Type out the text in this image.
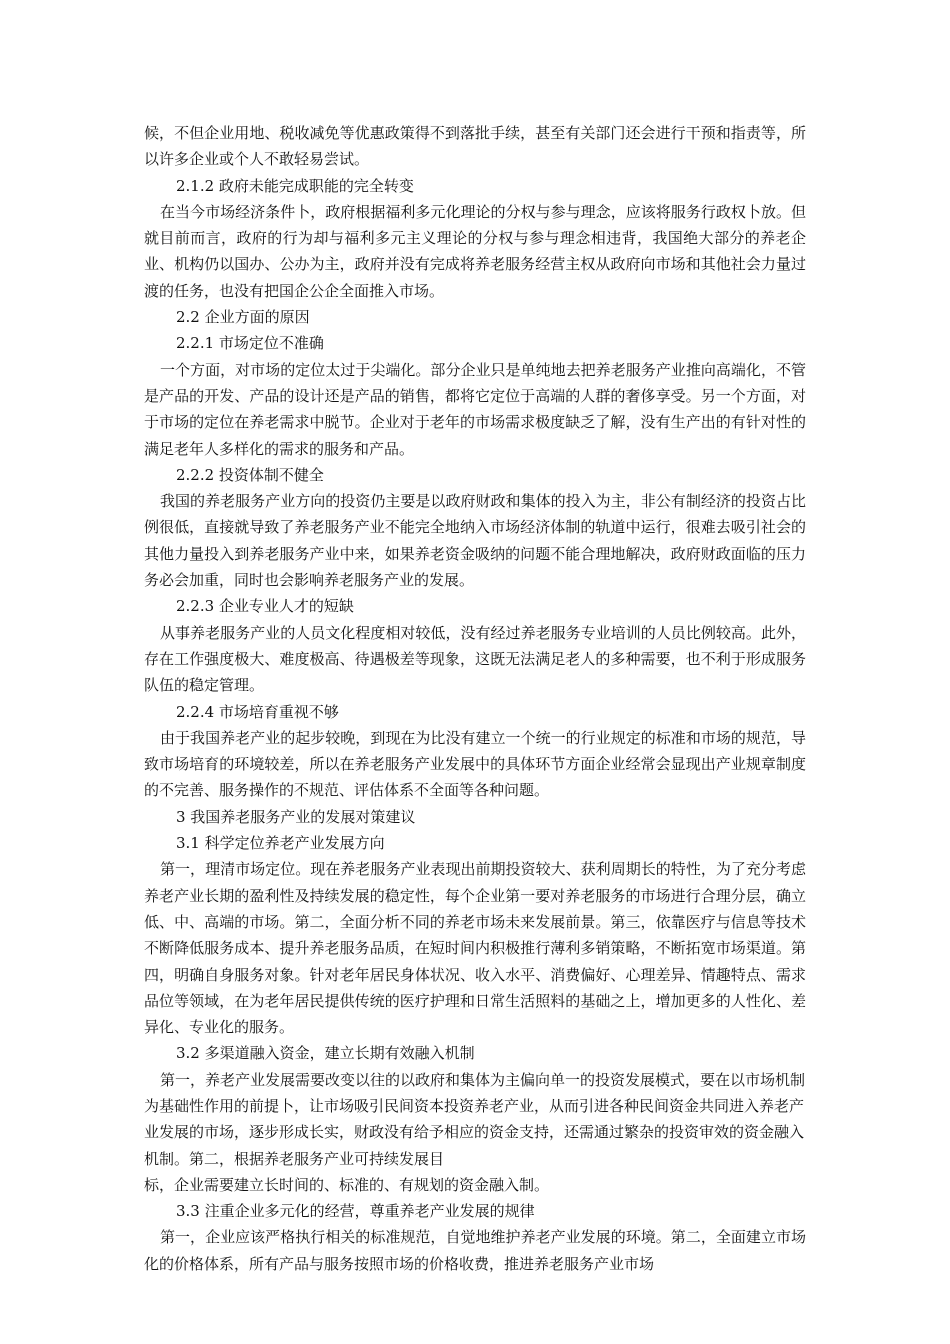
候，不但企业用地、税收减免等优惠政策得不到落批手续，甚至有关部门还会进行干预和指责等，所以许多企业或个人不敢轻易尝试。

2.1.2 政府未能完成职能的完全转变

在当今市场经济条件卜，政府根据福利多元化理论的分权与参与理念，应该将服务行政权卜放。但就目前而言，政府的行为却与福利多元主义理论的分权与参与理念相违背，我国绝大部分的养老企业、机构仍以国办、公办为主，政府并没有完成将养老服务经营主权从政府向市场和其他社会力量过渡的任务，也没有把国企公企全面推入市场。

2.2 企业方面的原因

2.2.1 市场定位不准确

一个方面，对市场的定位太过于尖端化。部分企业只是单纯地去把养老服务产业推向高端化，不管是产品的开发、产品的设计还是产品的销售，都将它定位于高端的人群的奢侈享受。另一个方面，对于市场的定位在养老需求中脱节。企业对于老年的市场需求极度缺乏了解，没有生产出的有针对性的满足老年人多样化的需求的服务和产品。

2.2.2 投资体制不健全

我国的养老服务产业方向的投资仍主要是以政府财政和集体的投入为主，非公有制经济的投资占比例很低，直接就导致了养老服务产业不能完全地纳入市场经济体制的轨道中运行，很难去吸引社会的其他力量投入到养老服务产业中来，如果养老资金吸纳的问题不能合理地解决，政府财政面临的压力务必会加重，同时也会影响养老服务产业的发展。

2.2.3 企业专业人才的短缺

从事养老服务产业的人员文化程度相对较低，没有经过养老服务专业培训的人员比例较高。此外，存在工作强度极大、难度极高、待遇极差等现象，这既无法满足老人的多种需要，也不利于形成服务队伍的稳定管理。

2.2.4 市场培育重视不够

由于我国养老产业的起步较晚，到现在为比没有建立一个统一的行业规定的标准和市场的规范，导致市场培育的环境较差，所以在养老服务产业发展中的具体环节方面企业经常会显现出产业规章制度的不完善、服务操作的不规范、评估体系不全面等各种问题。

3 我国养老服务产业的发展对策建议

3.1 科学定位养老产业发展方向

第一，理清市场定位。现在养老服务产业表现出前期投资较大、获利周期长的特性，为了充分考虑养老产业长期的盈利性及持续发展的稳定性，每个企业第一要对养老服务的市场进行合理分层，确立低、中、高端的市场。第二，全面分析不同的养老市场未来发展前景。第三，依靠医疗与信息等技术不断降低服务成本、提升养老服务品质，在短时间内积极推行薄利多销策略，不断拓宽市场渠道。第四，明确自身服务对象。针对老年居民身体状况、收入水平、消费偏好、心理差异、情趣特点、需求品位等领域，在为老年居民提供传统的医疗护理和日常生活照料的基础之上，增加更多的人性化、差异化、专业化的服务。

3.2 多渠道融入资金，建立长期有效融入机制

第一，养老产业发展需要改变以往的以政府和集体为主偏向单一的投资发展模式，要在以市场机制为基础性作用的前提卜，让市场吸引民间资本投资养老产业，从而引进各种民间资金共同进入养老产业发展的市场，逐步形成长实，财政没有给予相应的资金支持，还需通过繁杂的投资审效的资金融入机制。第二，根据养老服务产业可持续发展目

标，企业需要建立长时间的、标准的、有规划的资金融入制。

3.3 注重企业多元化的经营，尊重养老产业发展的规律

第一，企业应该严格执行相关的标准规范，自觉地维护养老产业发展的环境。第二，全面建立市场化的价格体系，所有产品与服务按照市场的价格收费，推进养老服务产业市场
